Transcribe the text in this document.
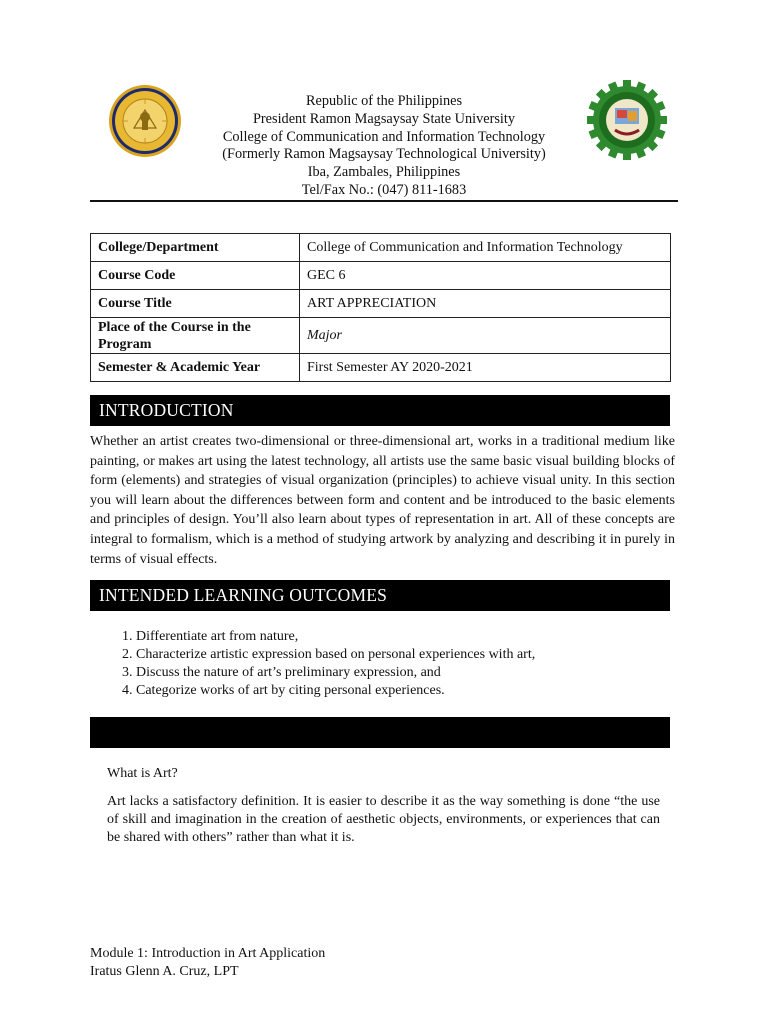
Republic of the Philippines
President Ramon Magsaysay State University
College of Communication and Information Technology
(Formerly Ramon Magsaysay Technological University)
Iba, Zambales, Philippines
Tel/Fax No.: (047) 811-1683
College/Department	College of Communication and Information Technology
Course Code	GEC 6
Course Title	ART APPRECIATION
Place of the Course in the Program	Major
Semester & Academic Year	First Semester AY 2020-2021
INTRODUCTION

Whether an artist creates two-dimensional or three-dimensional art, works in a traditional medium like painting, or makes art using the latest technology, all artists use the same basic visual building blocks of form (elements) and strategies of visual organization (principles) to achieve visual unity. In this section you will learn about the differences between form and content and be introduced to the basic elements and principles of design. You’ll also learn about types of representation in art. All of these concepts are integral to formalism, which is a method of studying artwork by analyzing and describing it in purely in terms of visual effects.

INTENDED LEARNING OUTCOMES
1. Differentiate art from nature,
2. Characterize artistic expression based on personal experiences with art,
3. Discuss the nature of art’s preliminary expression, and
4. Categorize works of art by citing personal experiences.
DISCUSSION
What is Art?

Art lacks a satisfactory definition. It is easier to describe it as the way something is done “the use of skill and imagination in the creation of aesthetic objects, environments, or experiences that can be shared with others” rather than what it is.

Module 1: Introduction in Art Application
Iratus Glenn A. Cruz, LPT
